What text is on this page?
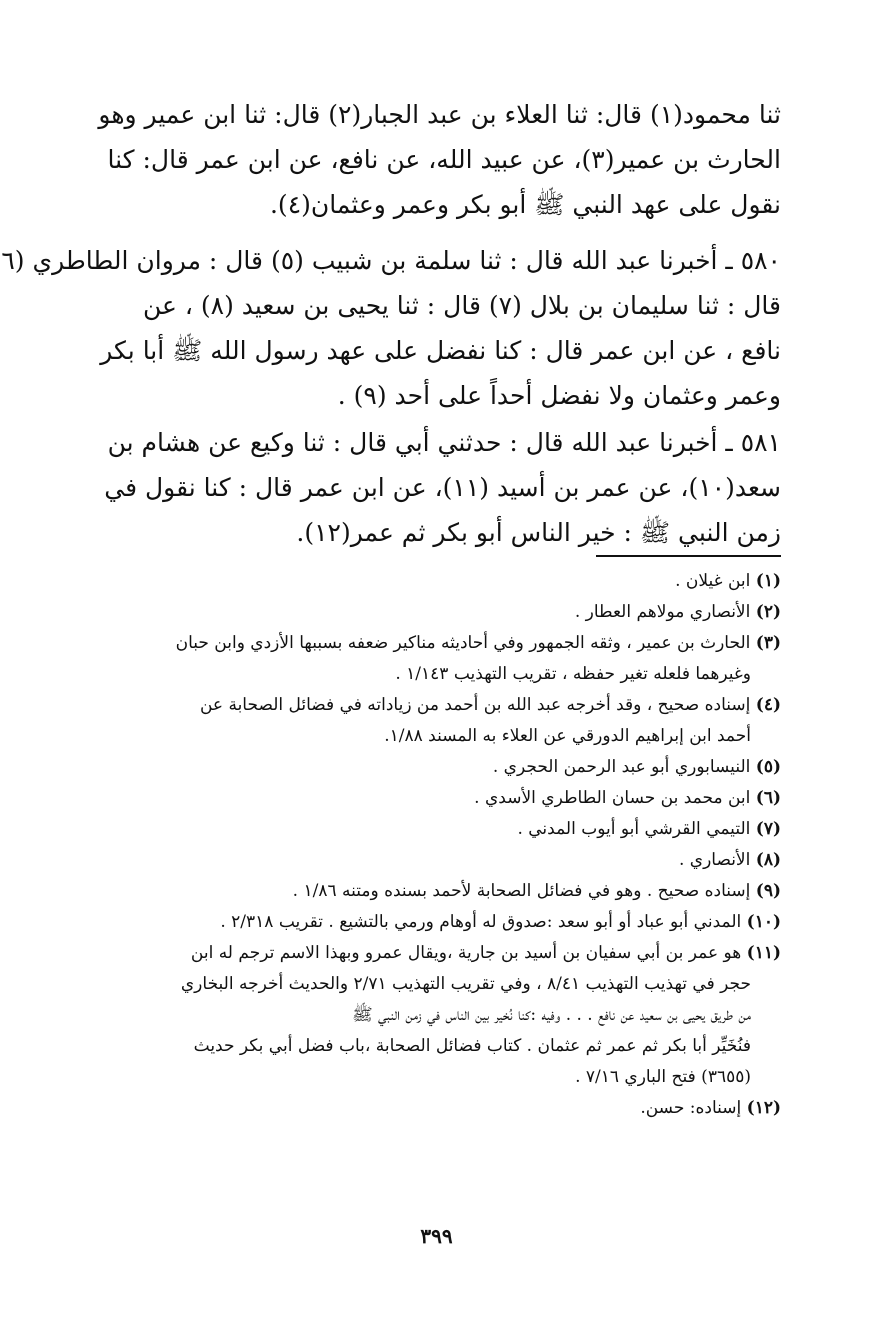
ثنا محمود(١) قال: ثنا العلاء بن عبد الجبار(٢) قال: ثنا ابن عمير وهو
الحارث بن عمير(٣)، عن عبيد الله، عن نافع، عن ابن عمر قال: كنا
نقول على عهد النبي ﷺ أبو بكر وعمر وعثمان(٤).
٥٨٠ ـ أخبرنا عبد الله قال : ثنا سلمة بن شبيب (٥) قال : مروان الطاطري (٦
قال : ثنا سليمان بن بلال (٧) قال : ثنا يحيى بن سعيد (٨) ، عن
نافع ، عن ابن عمر قال : كنا نفضل على عهد رسول الله ﷺ أبا بكر
وعمر وعثمان ولا نفضل أحداً على أحد (٩) .
٥٨١ ـ أخبرنا عبد الله قال : حدثني أبي قال : ثنا وكيع عن هشام بن
سعد(١٠)، عن عمر بن أسيد (١١)، عن ابن عمر قال : كنا نقول في
زمن النبي ﷺ : خير الناس أبو بكر ثم عمر(١٢).
(١) ابن غيلان .
(٢) الأنصاري مولاهم العطار .
(٣) الحارث بن عمير ، وثقه الجمهور وفي أحاديثه مناكير ضعفه بسببها الأزدي وابن حبان
وغيرهما فلعله تغير حفظه ، تقريب التهذيب ١/١٤٣ .
(٤) إسناده صحيح ، وقد أخرجه عبد الله بن أحمد من زياداته في فضائل الصحابة عن
أحمد ابن إبراهيم الدورقي عن العلاء به المسند ١/٨٨.
(٥) النيسابوري أبو عبد الرحمن الحجري .
(٦) ابن محمد بن حسان الطاطري الأسدي .
(٧) التيمي القرشي أبو أيوب المدني .
(٨) الأنصاري .
(٩) إسناده صحيح . وهو في فضائل الصحابة لأحمد بسنده ومتنه ١/٨٦ .
(١٠) المدني أبو عباد أو أبو سعد :صدوق له أوهام ورمي بالتشيع . تقريب ٢/٣١٨ .
(١١) هو عمر بن أبي سفيان بن أسيد بن جارية ،ويقال عمرو وبهذا الاسم ترجم له ابن
حجر في تهذيب التهذيب ٨/٤١ ، وفي تقريب التهذيب ٢/٧١ والحديث أخرجه البخاري
من طريق يحيى بن سعيد عن نافع . . . وفيه :كنا نُخير بين الناس في زمن النبي ﷺ
فنُخَيِّر أبا بكر ثم عمر ثم عثمان . كتاب فضائل الصحابة ،باب فضل أبي بكر حديث
(٣٦٥٥) فتح الباري ٧/١٦ .
(١٢) إسناده: حسن.
٣٩٩
